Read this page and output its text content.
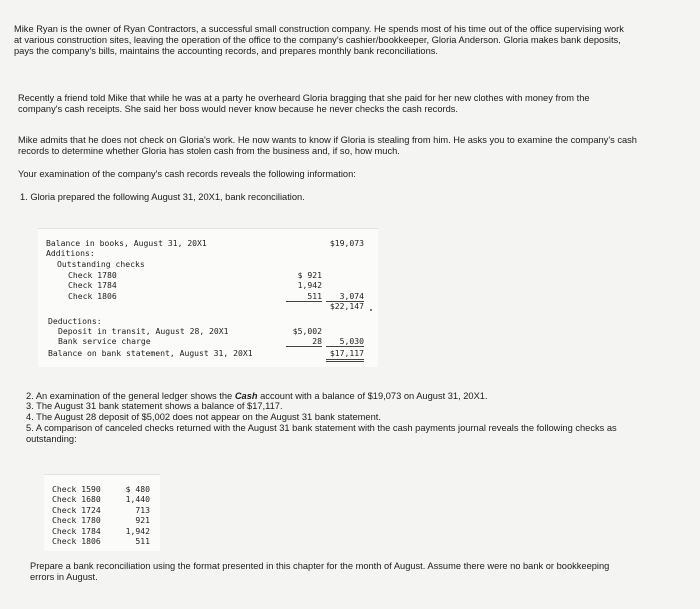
Mike Ryan is the owner of Ryan Contractors, a successful small construction company. He spends most of his time out of the office supervising work at various construction sites, leaving the operation of the office to the company's cashier/bookkeeper, Gloria Anderson. Gloria makes bank deposits, pays the company's bills, maintains the accounting records, and prepares monthly bank reconciliations.

Recently a friend told Mike that while he was at a party he overheard Gloria bragging that she paid for her new clothes with money from the company's cash receipts. She said her boss would never know because he never checks the cash records.

Mike admits that he does not check on Gloria's work. He now wants to know if Gloria is stealing from him. He asks you to examine the company's cash records to determine whether Gloria has stolen cash from the business and, if so, how much.

Your examination of the company's cash records reveals the following information:

1. Gloria prepared the following August 31, 20X1, bank reconciliation.

Balance in books, August 31, 20X1	$19,073
Additions:
Outstanding checks
Check 1780	$ 921
Check 1784	1,942
Check 1806	511	3,074
$22,147
Deductions:
Deposit in transit, August 28, 20X1	$5,002
Bank service charge	28	5,030
Balance on bank statement, August 31, 20X1	$17,117

2. An examination of the general ledger shows the Cash account with a balance of $19,073 on August 31, 20X1.

3. The August 31 bank statement shows a balance of $17,117.

4. The August 28 deposit of $5,002 does not appear on the August 31 bank statement.

5. A comparison of canceled checks returned with the August 31 bank statement with the cash payments journal reveals the following checks as outstanding:

Check 1590	$ 480
Check 1680	1,440
Check 1724	713
Check 1780	921
Check 1784	1,942
Check 1806	511

Prepare a bank reconciliation using the format presented in this chapter for the month of August. Assume there were no bank or bookkeeping errors in August.
